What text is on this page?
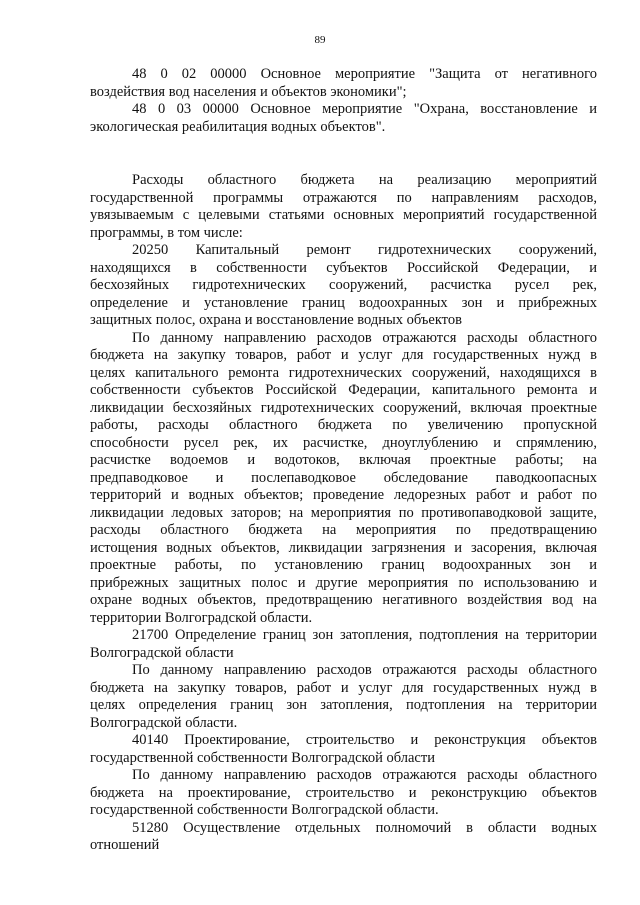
89
48 0 02 00000 Основное мероприятие "Защита от негативного
воздействия вод населения и объектов экономики";
48 0 03 00000 Основное мероприятие "Охрана, восстановление и
экологическая реабилитация водных объектов".
Расходы областного бюджета на реализацию мероприятий
государственной программы отражаются по направлениям расходов,
увязываемым с целевыми статьями основных мероприятий государственной
программы, в том числе:
20250 Капитальный ремонт гидротехнических сооружений,
находящихся в собственности субъектов Российской Федерации, и
бесхозяйных гидротехнических сооружений, расчистка русел рек,
определение и установление границ водоохранных зон и прибрежных
защитных полос, охрана и восстановление водных объектов
По данному направлению расходов отражаются расходы областного
бюджета на закупку товаров, работ и услуг для государственных нужд в
целях капитального ремонта гидротехнических сооружений, находящихся в
собственности субъектов Российской Федерации, капитального ремонта и
ликвидации бесхозяйных гидротехнических сооружений, включая проектные
работы, расходы областного бюджета по увеличению пропускной
способности русел рек, их расчистке, дноуглублению и спрямлению,
расчистке водоемов и водотоков, включая проектные работы; на
предпаводковое и послепаводковое обследование паводкоопасных
территорий и водных объектов; проведение ледорезных работ и работ по
ликвидации ледовых заторов; на мероприятия по противопаводковой защите,
расходы областного бюджета на мероприятия по предотвращению
истощения водных объектов, ликвидации загрязнения и засорения, включая
проектные работы, по установлению границ водоохранных зон и
прибрежных защитных полос и другие мероприятия по использованию и
охране водных объектов, предотвращению негативного воздействия вод на
территории Волгоградской области.
21700 Определение границ зон затопления, подтопления на территории
Волгоградской области
По данному направлению расходов отражаются расходы областного
бюджета на закупку товаров, работ и услуг для государственных нужд в
целях определения границ зон затопления, подтопления на территории
Волгоградской области.
40140 Проектирование, строительство и реконструкция объектов
государственной собственности Волгоградской области
По данному направлению расходов отражаются расходы областного
бюджета на проектирование, строительство и реконструкцию объектов
государственной собственности Волгоградской области.
51280 Осуществление отдельных полномочий в области водных
отношений
